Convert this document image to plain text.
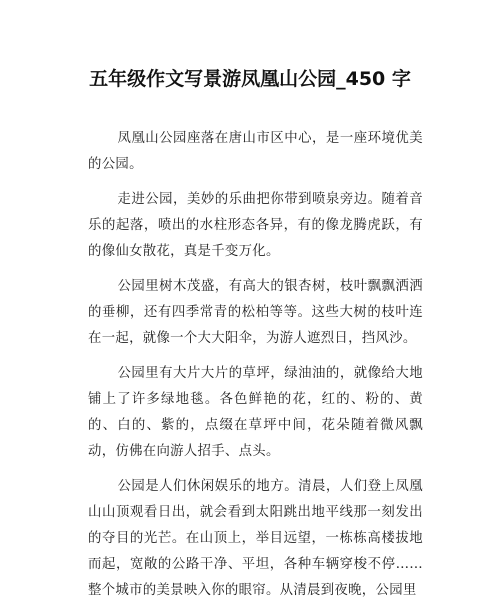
五年级作文写景游凤凰山公园_450 字

凤凰山公园座落在唐山市区中心，是一座环境优美的公园。

走进公园，美妙的乐曲把你带到喷泉旁边。随着音乐的起落，喷出的水柱形态各异，有的像龙腾虎跃，有的像仙女散花，真是千变万化。

公园里树木茂盛，有高大的银杏树，枝叶飘飘洒洒的垂柳，还有四季常青的松柏等等。这些大树的枝叶连在一起，就像一个大大阳伞，为游人遮烈日，挡风沙。

公园里有大片大片的草坪，绿油油的，就像给大地铺上了许多绿地毯。各色鲜艳的花，红的、粉的、黄的、白的、紫的，点缀在草坪中间，花朵随着微风飘动，仿佛在向游人招手、点头。

公园是人们休闲娱乐的地方。清晨，人们登上凤凰山山顶观看日出，就会看到太阳跳出地平线那一刻发出的夺目的光芒。在山顶上，举目远望，一栋栋高楼拔地而起，宽敞的公路干净、平坦，各种车辆穿梭不停……整个城市的美景映入你的眼帘。从清晨到夜晚，公园里
